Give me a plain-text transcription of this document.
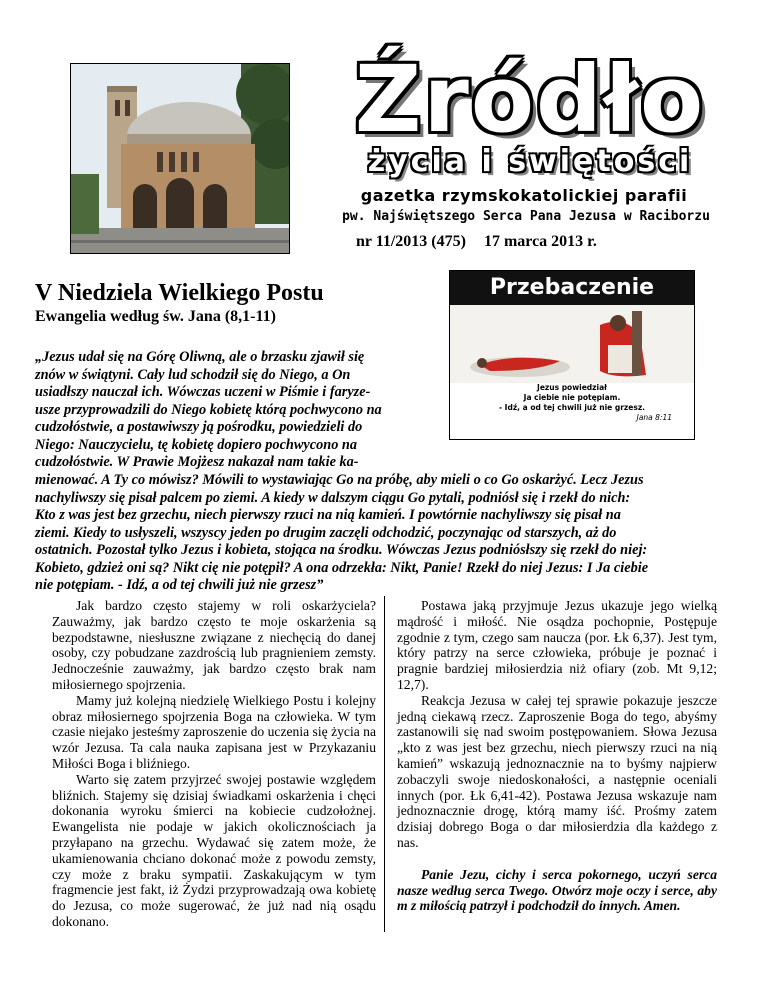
Źródło
życia i świętości
gazetka rzymskokatolickiej parafii
pw. Najświętszego Serca Pana Jezusa w Raciborzu
nr 11/2013 (475) 17 marca 2013 r.
V Niedziela Wielkiego Postu
Ewangelia według św. Jana (8,1-11)
Przebaczenie
Jezus powiedział
Ja ciebie nie potępiam.
- Idź, a od tej chwili już nie grzesz.
Jana 8:11
„Jezus udał się na Górę Oliwną, ale o brzasku zjawił się
znów w świątyni. Cały lud schodził się do Niego, a On
usiadłszy nauczał ich. Wówczas uczeni w Piśmie i faryze-
usze przyprowadzili do Niego kobietę którą pochwycono na
cudzołóstwie, a postawiwszy ją pośrodku, powiedzieli do
Niego: Nauczycielu, tę kobietę dopiero pochwycono na
cudzołóstwie. W Prawie Mojżesz nakazał nam takie ka-
mienować. A Ty co mówisz? Mówili to wystawiając Go na próbę, aby mieli o co Go oskarżyć. Lecz Jezus
nachyliwszy się pisał palcem po ziemi. A kiedy w dalszym ciągu Go pytali, podniósł się i rzekł do nich:
Kto z was jest bez grzechu, niech pierwszy rzuci na nią kamień. I powtórnie nachyliwszy się pisał na
ziemi. Kiedy to usłyszeli, wszyscy jeden po drugim zaczęli odchodzić, poczynając od starszych, aż do
ostatnich. Pozostał tylko Jezus i kobieta, stojąca na środku. Wówczas Jezus podniósłszy się rzekł do niej:
Kobieto, gdzież oni są? Nikt cię nie potępił? A ona odrzekła: Nikt, Panie! Rzekł do niej Jezus: I Ja ciebie
nie potępiam. - Idź, a od tej chwili już nie grzesz”

Jak bardzo często stajemy w roli oskarżyciela? Zauważmy, jak bardzo często te moje oskarżenia są bezpodstawne, niesłuszne związane z niechęcią do danej osoby, czy pobudzane zazdrością lub pragnieniem zemsty. Jednocześnie zauważmy, jak bardzo często brak nam miłosiernego spojrzenia.

Mamy już kolejną niedzielę Wielkiego Postu i kolejny obraz miłosiernego spojrzenia Boga na człowieka. W tym czasie niejako jesteśmy zaproszenie do uczenia się życia na wzór Jezusa. Ta cala nauka zapisana jest w Przykazaniu Miłości Boga i bliźniego.

Warto się zatem przyjrzeć swojej postawie względem bliźnich. Stajemy się dzisiaj świadkami oskarżenia i chęci dokonania wyroku śmierci na kobiecie cudzołożnej. Ewangelista nie podaje w jakich okolicznościach ja przyłapano na grzechu. Wydawać się zatem może, że ukamienowania chciano dokonać może z powodu zemsty, czy może z braku sympatii. Zaskakującym w tym fragmencie jest fakt, iż Żydzi przyprowadzają owa kobietę do Jezusa, co może sugerować, że już nad nią osądu dokonano.

Postawa jaką przyjmuje Jezus ukazuje jego wielką mądrość i miłość. Nie osądza pochopnie, Postępuje zgodnie z tym, czego sam naucza (por. Łk 6,37). Jest tym, który patrzy na serce człowieka, próbuje je poznać i pragnie bardziej miłosierdzia niż ofiary (zob. Mt 9,12; 12,7).

Reakcja Jezusa w całej tej sprawie pokazuje jeszcze jedną ciekawą rzecz. Zaproszenie Boga do tego, abyśmy zastanowili się nad swoim postępowaniem. Słowa Jezusa „kto z was jest bez grzechu, niech pierwszy rzuci na nią kamień” wskazują jednoznacznie na to byśmy najpierw zobaczyli swoje niedoskonałości, a następnie oceniali innych (por. Łk 6,41-42). Postawa Jezusa wskazuje nam jednoznacznie drogę, którą mamy iść. Prośmy zatem dzisiaj dobrego Boga o dar miłosierdzia dla każdego z nas.

Panie Jezu, cichy i serca pokornego, uczyń serca nasze według serca Twego. Otwórz moje oczy i serce, aby m z miłością patrzył i podchodził do innych. Amen.
